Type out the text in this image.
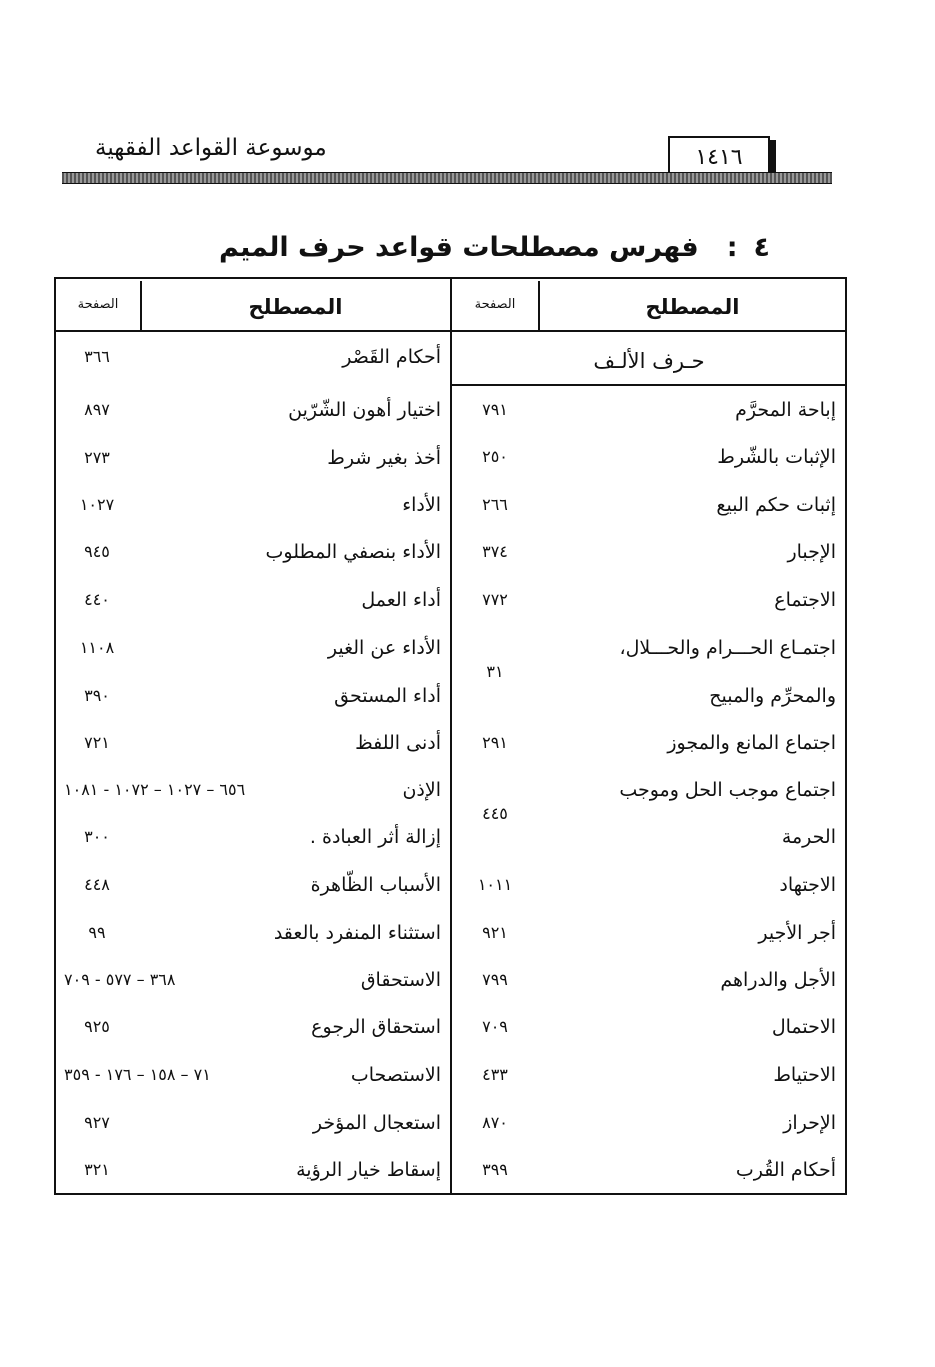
موسوعة القواعد الفقهية	١٤١٦
٤:فهرس مصطلحات قواعد حرف الميم
المصطلح
الصفحة
المصطلح
الصفحة
حـرف الألـف
إباحة المحرَّم
٧٩١
الإثبات بالشّرط
٢٥٠
إثبات حكم البيع
٢٦٦
الإجبار
٣٧٤
الاجتماع
٧٧٢
اجتمـاع الحـــرام والحـــلال،
والمحرِّم والمبيح
٣١
اجتماع المانع والمجوز
٢٩١
اجتماع موجب الحل وموجب
الحرمة
٤٤٥
الاجتهاد
١٠١١
أجر الأجير
٩٢١
الأجل والدراهم
٧٩٩
الاحتمال
٧٠٩
الاحتياط
٤٣٣
الإحراز
٨٧٠
أحكام القُرب
٣٩٩
أحكام القَصْر
٣٦٦
اختيار أهون الشّرّين
٨٩٧
أخذ بغير شرط
٢٧٣
الأداء
١٠٢٧
الأداء بنصفي المطلوب
٩٤٥
أداء العمل
٤٤٠
الأداء عن الغير
١١٠٨
أداء المستحق
٣٩٠
أدنى اللفظ
٧٢١
الإذن
٦٥٦ – ١٠٢٧ – ١٠٧٢ - ١٠٨١
إزالة أثر العبادة .
٣٠٠
الأسباب الظّاهرة
٤٤٨
استثناء المنفرد بالعقد
٩٩
الاستحقاق
٣٦٨ – ٥٧٧ - ٧٠٩
استحقاق الرجوع
٩٢٥
الاستصحاب
٧١ – ١٥٨ – ١٧٦ - ٣٥٩
استعجال المؤخر
٩٢٧
إسقاط خيار الرؤية
٣٢١
